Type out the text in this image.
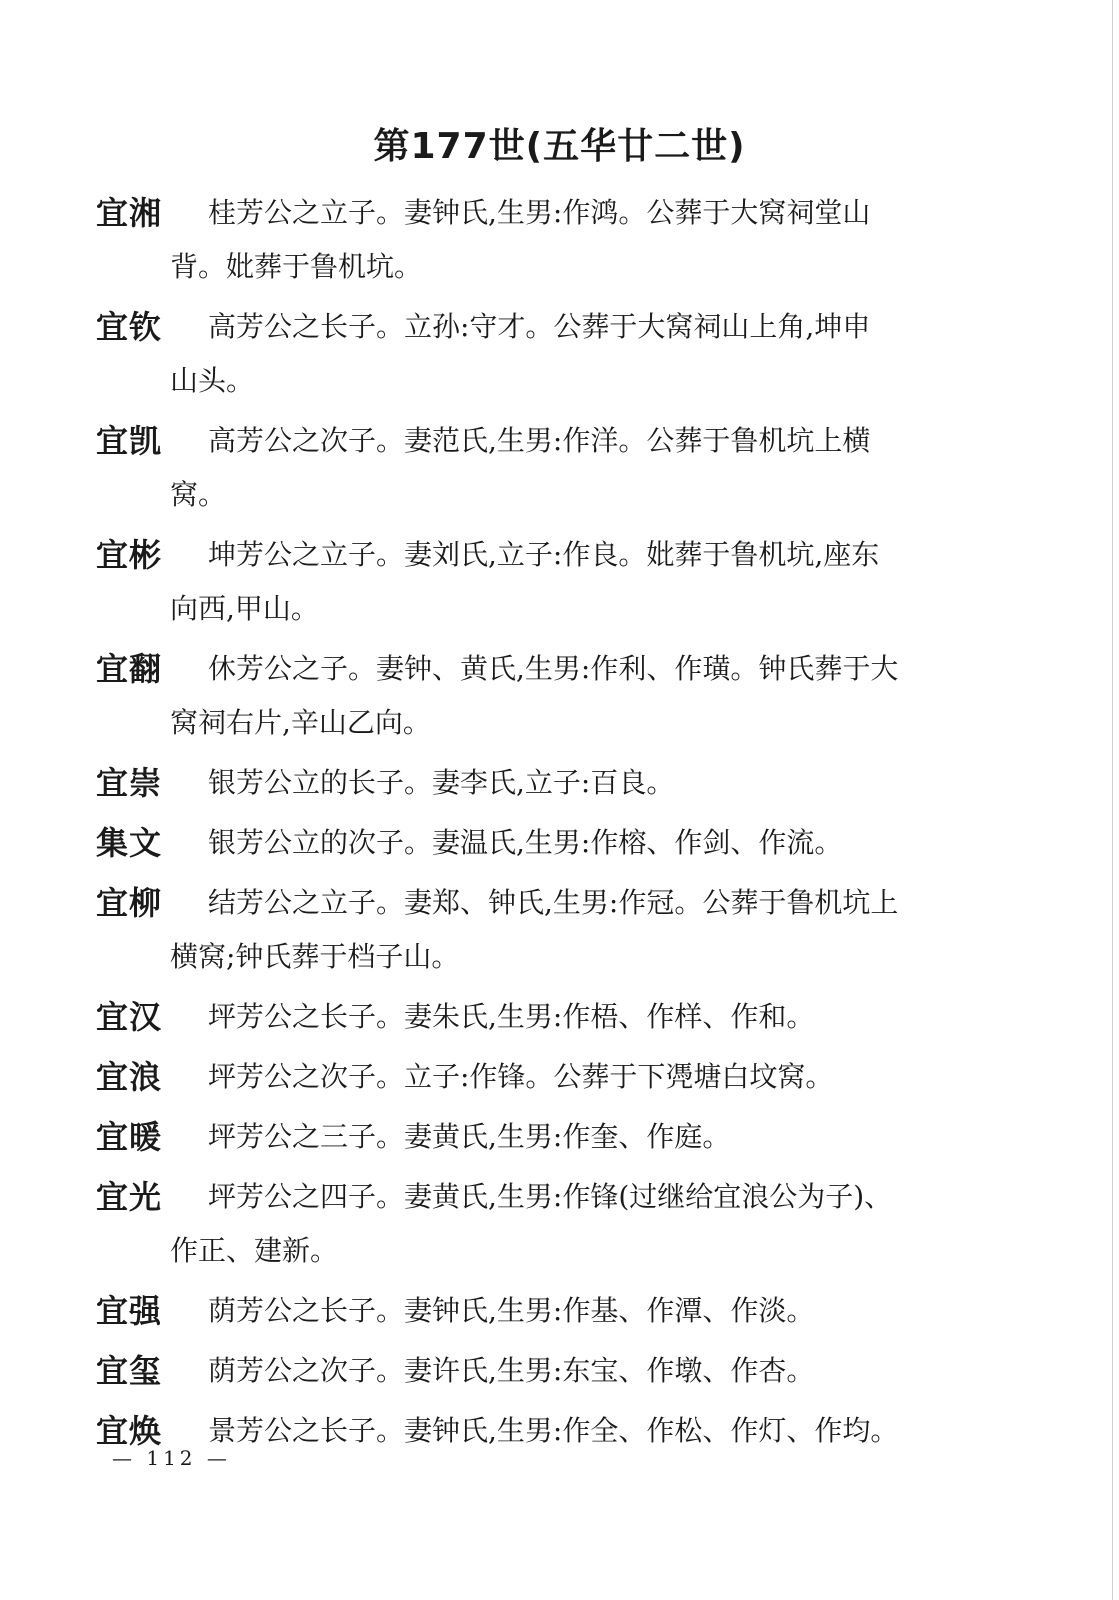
第177世(五华廿二世)
宜湘	桂芳公之立子。妻钟氏,生男:作鸿。公葬于大窝祠堂山
背。妣葬于鲁机坑。
宜钦	高芳公之长子。立孙:守才。公葬于大窝祠山上角,坤申
山头。
宜凯	高芳公之次子。妻范氏,生男:作洋。公葬于鲁机坑上横
窝。
宜彬	坤芳公之立子。妻刘氏,立子:作良。妣葬于鲁机坑,座东
向西,甲山。
宜翻	休芳公之子。妻钟、黄氏,生男:作利、作璜。钟氏葬于大
窝祠右片,辛山乙向。
宜崇	银芳公立的长子。妻李氏,立子:百良。
集文	银芳公立的次子。妻温氏,生男:作榕、作剑、作流。
宜柳	结芳公之立子。妻郑、钟氏,生男:作冠。公葬于鲁机坑上
横窝;钟氏葬于档子山。
宜汉	坪芳公之长子。妻朱氏,生男:作梧、作样、作和。
宜浪	坪芳公之次子。立子:作锋。公葬于下凴塘白坟窝。
宜暖	坪芳公之三子。妻黄氏,生男:作奎、作庭。
宜光	坪芳公之四子。妻黄氏,生男:作锋(过继给宜浪公为子)、
作正、建新。
宜强	荫芳公之长子。妻钟氏,生男:作基、作潭、作淡。
宜玺	荫芳公之次子。妻许氏,生男:东宝、作墩、作杏。
宜焕	景芳公之长子。妻钟氏,生男:作全、作松、作灯、作均。
— 112 —
